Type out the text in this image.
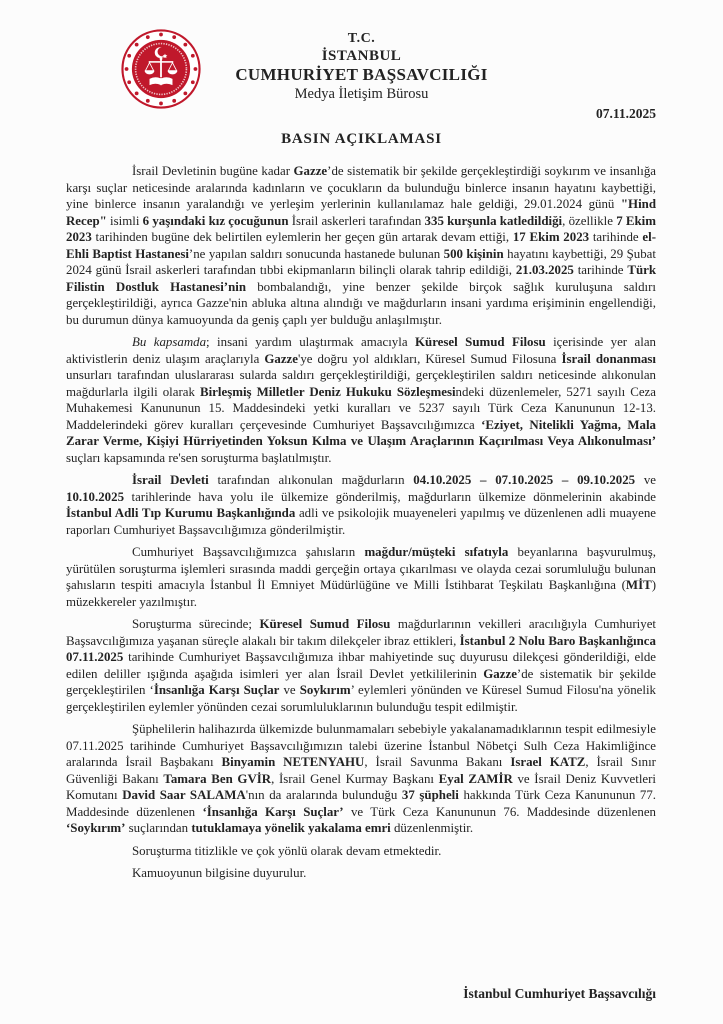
T.C.
İSTANBUL
CUMHURİYET BAŞSAVCILIĞI
Medya İletişim Bürosu
07.11.2025
BASIN AÇIKLAMASI

İsrail Devletinin bugüne kadar Gazze’de sistematik bir şekilde gerçekleştirdiği soykırım ve insanlığa karşı suçlar neticesinde aralarında kadınların ve çocukların da bulunduğu binlerce insanın hayatını kaybettiği, yine binlerce insanın yaralandığı ve yerleşim yerlerinin kullanılamaz hale geldiği, 29.01.2024 günü "Hind Recep" isimli 6 yaşındaki kız çocuğunun İsrail askerleri tarafından 335 kurşunla katledildiği, özellikle 7 Ekim 2023 tarihinden bugüne dek belirtilen eylemlerin her geçen gün artarak devam ettiği, 17 Ekim 2023 tarihinde el-Ehli Baptist Hastanesi’ne yapılan saldırı sonucunda hastanede bulunan 500 kişinin hayatını kaybettiği, 29 Şubat 2024 günü İsrail askerleri tarafından tıbbi ekipmanların bilinçli olarak tahrip edildiği, 21.03.2025 tarihinde Türk Filistin Dostluk Hastanesi’nin bombalandığı, yine benzer şekilde birçok sağlık kuruluşuna saldırı gerçekleştirildiği, ayrıca Gazze'nin abluka altına alındığı ve mağdurların insani yardıma erişiminin engellendiği, bu durumun dünya kamuoyunda da geniş çaplı yer bulduğu anlaşılmıştır.

Bu kapsamda; insani yardım ulaştırmak amacıyla Küresel Sumud Filosu içerisinde yer alan aktivistlerin deniz ulaşım araçlarıyla Gazze'ye doğru yol aldıkları, Küresel Sumud Filosuna İsrail donanması unsurları tarafından uluslararası sularda saldırı gerçekleştirildiği, gerçekleştirilen saldırı neticesinde alıkonulan mağdurlarla ilgili olarak Birleşmiş Milletler Deniz Hukuku Sözleşmesindeki düzenlemeler, 5271 sayılı Ceza Muhakemesi Kanununun 15. Maddesindeki yetki kuralları ve 5237 sayılı Türk Ceza Kanununun 12-13. Maddelerindeki görev kuralları çerçevesinde Cumhuriyet Başsavcılığımızca ‘Eziyet, Nitelikli Yağma, Mala Zarar Verme, Kişiyi Hürriyetinden Yoksun Kılma ve Ulaşım Araçlarının Kaçırılması Veya Alıkonulması’ suçları kapsamında re'sen soruşturma başlatılmıştır.

İsrail Devleti tarafından alıkonulan mağdurların 04.10.2025 – 07.10.2025 – 09.10.2025 ve 10.10.2025 tarihlerinde hava yolu ile ülkemize gönderilmiş, mağdurların ülkemize dönmelerinin akabinde İstanbul Adli Tıp Kurumu Başkanlığında adli ve psikolojik muayeneleri yapılmış ve düzenlenen adli muayene raporları Cumhuriyet Başsavcılığımıza gönderilmiştir.

Cumhuriyet Başsavcılığımızca şahısların mağdur/müşteki sıfatıyla beyanlarına başvurulmuş, yürütülen soruşturma işlemleri sırasında maddi gerçeğin ortaya çıkarılması ve olayda cezai sorumluluğu bulunan şahısların tespiti amacıyla İstanbul İl Emniyet Müdürlüğüne ve Milli İstihbarat Teşkilatı Başkanlığına (MİT) müzekkereler yazılmıştır.

Soruşturma sürecinde; Küresel Sumud Filosu mağdurlarının vekilleri aracılığıyla Cumhuriyet Başsavcılığımıza yaşanan süreçle alakalı bir takım dilekçeler ibraz ettikleri, İstanbul 2 Nolu Baro Başkanlığınca 07.11.2025 tarihinde Cumhuriyet Başsavcılığımıza ihbar mahiyetinde suç duyurusu dilekçesi gönderildiği, elde edilen deliller ışığında aşağıda isimleri yer alan İsrail Devlet yetkililerinin Gazze’de sistematik bir şekilde gerçekleştirilen ‘İnsanlığa Karşı Suçlar ve Soykırım’ eylemleri yönünden ve Küresel Sumud Filosu'na yönelik gerçekleştirilen eylemler yönünden cezai sorumluluklarının bulunduğu tespit edilmiştir.

Şüphelilerin halihazırda ülkemizde bulunmamaları sebebiyle yakalanamadıklarının tespit edilmesiyle 07.11.2025 tarihinde Cumhuriyet Başsavcılığımızın talebi üzerine İstanbul Nöbetçi Sulh Ceza Hakimliğince aralarında İsrail Başbakanı Binyamin NETENYAHU, İsrail Savunma Bakanı Israel KATZ, İsrail Sınır Güvenliği Bakanı Tamara Ben GVİR, İsrail Genel Kurmay Başkanı Eyal ZAMİR ve İsrail Deniz Kuvvetleri Komutanı David Saar SALAMA'nın da aralarında bulunduğu 37 şüpheli hakkında Türk Ceza Kanununun 77. Maddesinde düzenlenen ‘İnsanlığa Karşı Suçlar’ ve Türk Ceza Kanununun 76. Maddesinde düzenlenen ‘Soykırım’ suçlarından tutuklamaya yönelik yakalama emri düzenlenmiştir.

Soruşturma titizlikle ve çok yönlü olarak devam etmektedir.

Kamuoyunun bilgisine duyurulur.

İstanbul Cumhuriyet Başsavcılığı
